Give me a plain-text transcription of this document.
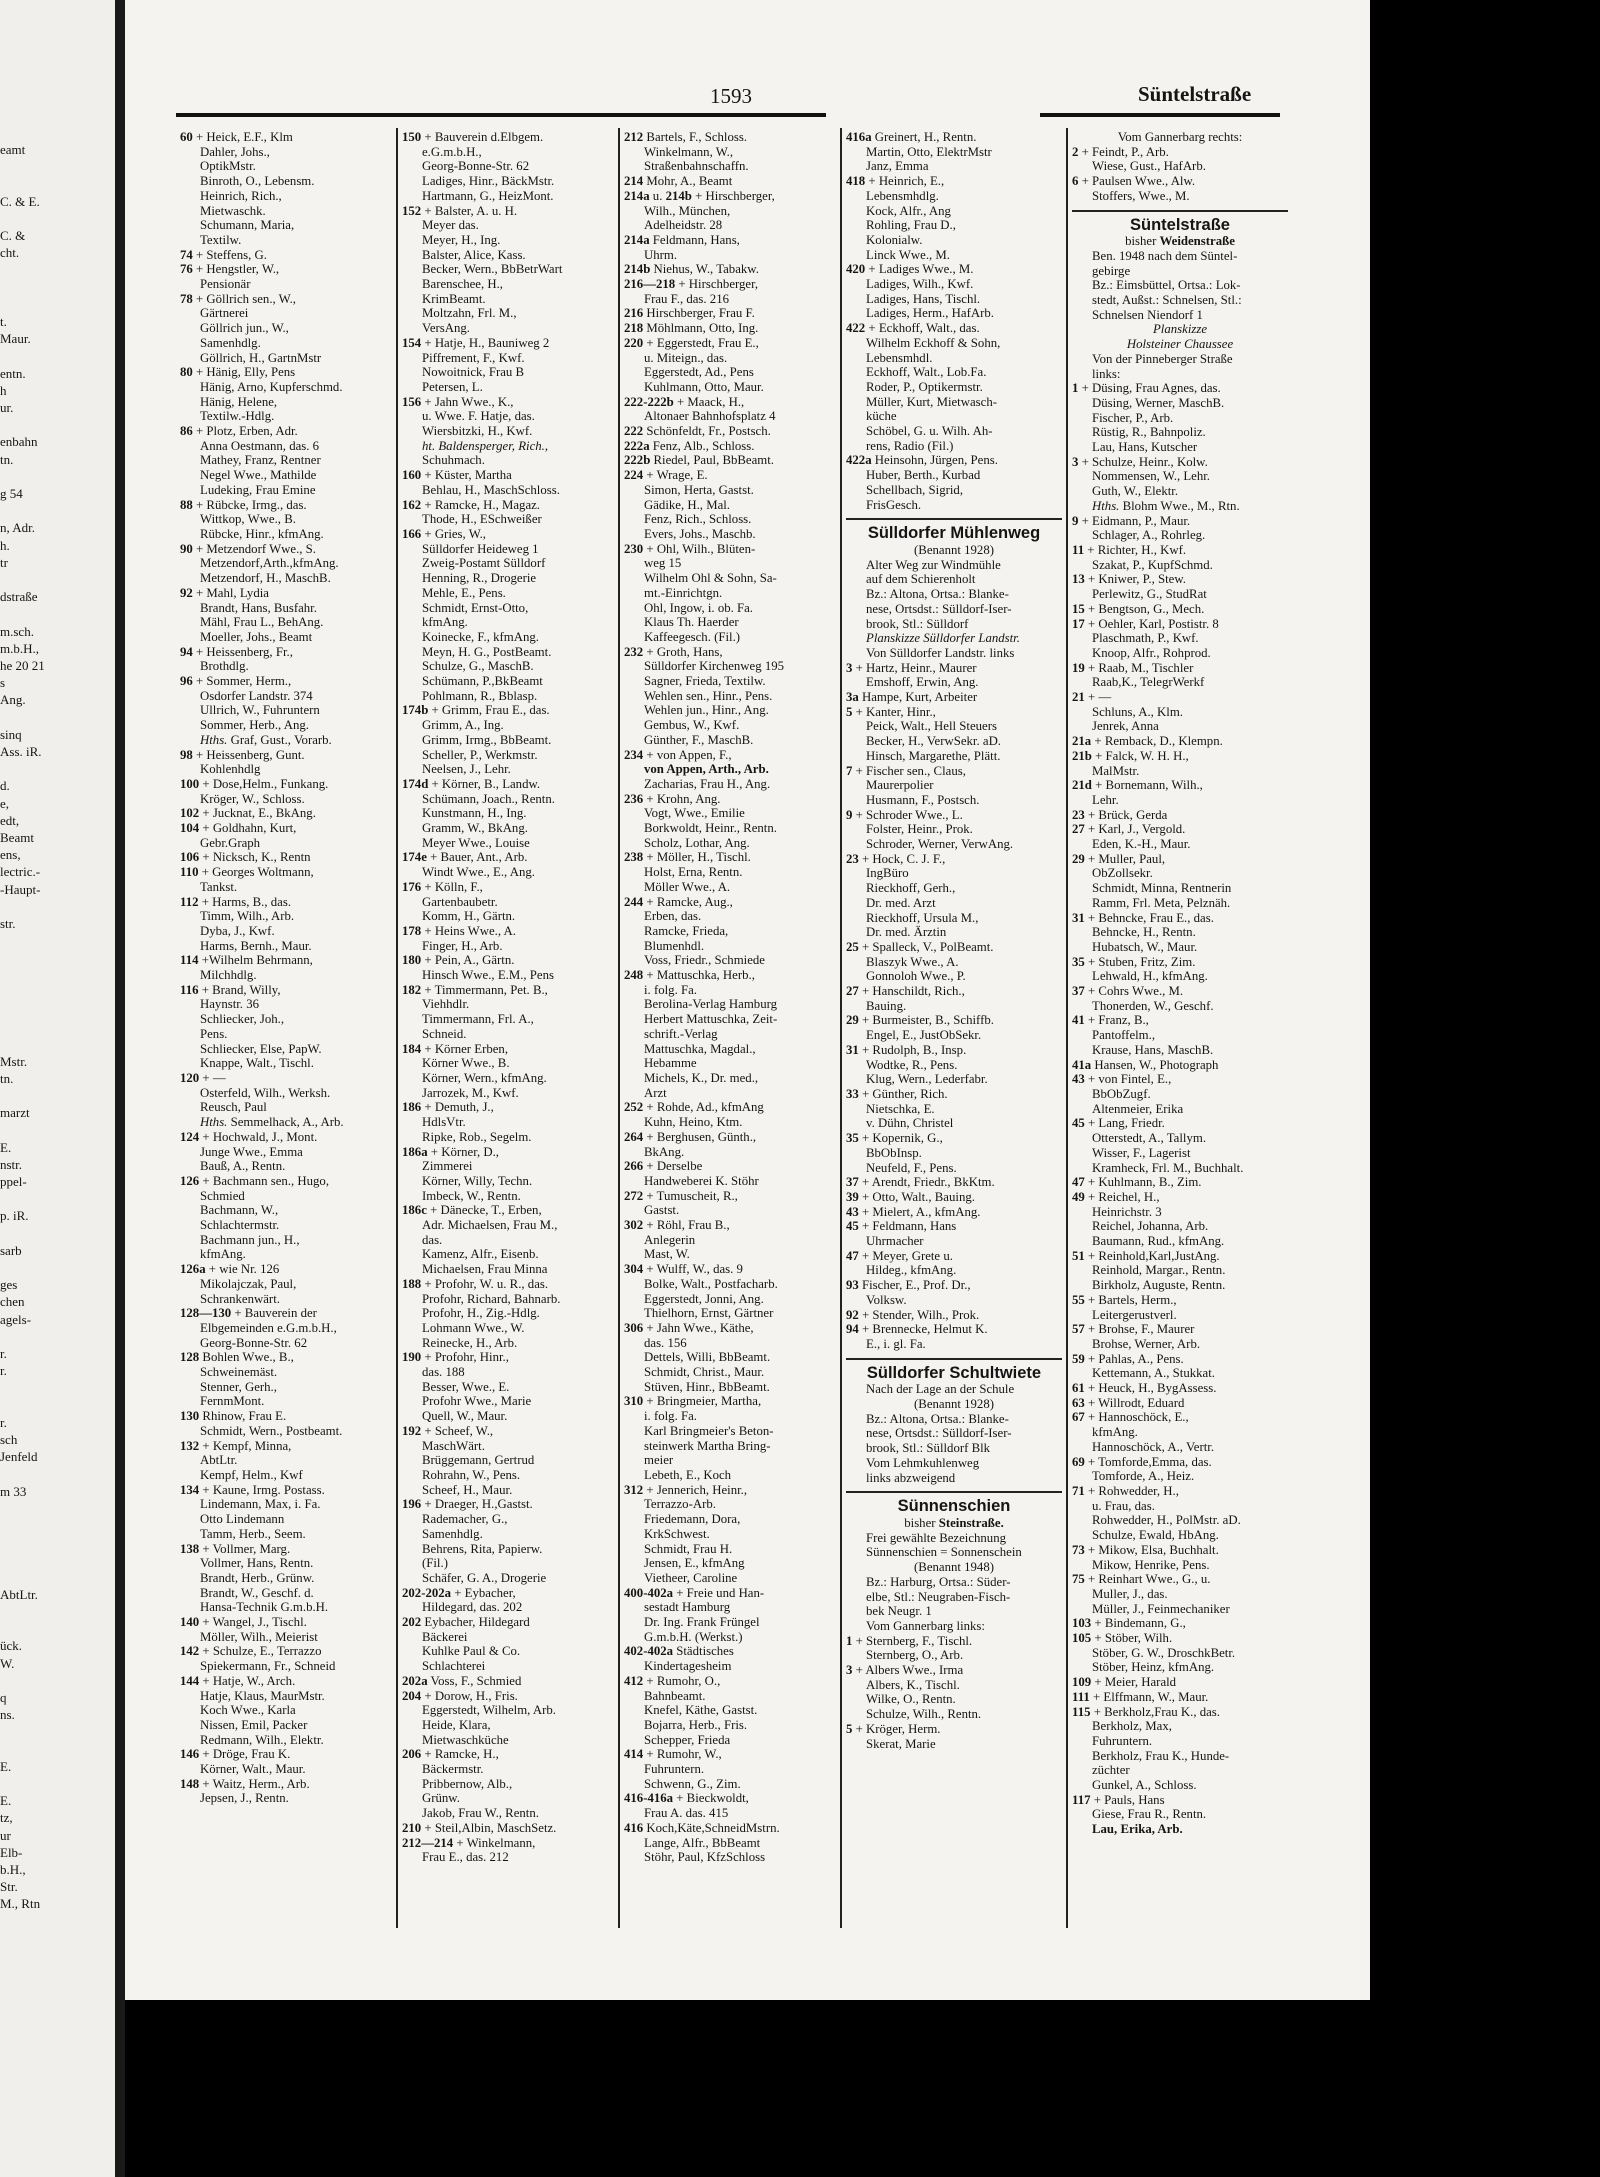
eamt
C. & E.
C. &
cht.
t.
Maur.
entn.
h
ur.
enbahn
tn.
g 54
n, Adr.
h.
tr
dstraße
m.sch.
m.b.H.,
he 20 21
s
Ang.
sinq
Ass. iR.
d.
e,
edt,
Beamt
ens,
lectric.-
-Haupt-
str.
Mstr.
tn.
marzt
E.
nstr.
ppel-
p. iR.
sarb
ges
chen
agels-
r.
r.
r.
sch
Jenfeld
m 33
AbtLtr.
ück.
W.
q
ns.
E.
E.
tz,
ur
Elb-
b.H.,
Str.
M., Rtn
1593	Süntelstraße
60 + Heick, E.F., Klm
Dahler, Johs.,
OptikMstr.
Binroth, O., Lebensm.
Heinrich, Rich.,
Mietwaschk.
Schumann, Maria,
Textilw.
74 + Steffens, G.
76 + Hengstler, W.,
Pensionär
78 + Göllrich sen., W.,
Gärtnerei
Göllrich jun., W.,
Samenhdlg.
Göllrich, H., GartnMstr
80 + Hänig, Elly, Pens
Hänig, Arno, Kupferschmd.
Hänig, Helene,
Textilw.-Hdlg.
86 + Plotz, Erben, Adr.
Anna Oestmann, das. 6
Mathey, Franz, Rentner
Negel Wwe., Mathilde
Ludeking, Frau Emine
88 + Rübcke, Irmg., das.
Wittkop, Wwe., B.
Rübcke, Hinr., kfmAng.
90 + Metzendorf Wwe., S.
Metzendorf,Arth.,kfmAng.
Metzendorf, H., MaschB.
92 + Mahl, Lydia
Brandt, Hans, Busfahr.
Mähl, Frau L., BehAng.
Moeller, Johs., Beamt
94 + Heissenberg, Fr.,
Brothdlg.
96 + Sommer, Herm.,
Osdorfer Landstr. 374
Ullrich, W., Fuhruntern
Sommer, Herb., Ang.
Hths. Graf, Gust., Vorarb.
98 + Heissenberg, Gunt.
Kohlenhdlg
100 + Dose,Helm., Funkang.
Kröger, W., Schloss.
102 + Jucknat, E., BkAng.
104 + Goldhahn, Kurt,
Gebr.Graph
106 + Nicksch, K., Rentn
110 + Georges Woltmann,
Tankst.
112 + Harms, B., das.
Timm, Wilh., Arb.
Dyba, J., Kwf.
Harms, Bernh., Maur.
114 +Wilhelm Behrmann,
Milchhdlg.
116 + Brand, Willy,
Haynstr. 36
Schliecker, Joh.,
Pens.
Schliecker, Else, PapW.
Knappe, Walt., Tischl.
120 + —
Osterfeld, Wilh., Werksh.
Reusch, Paul
Hths. Semmelhack, A., Arb.
124 + Hochwald, J., Mont.
Junge Wwe., Emma
Bauß, A., Rentn.
126 + Bachmann sen., Hugo,
Schmied
Bachmann, W.,
Schlachtermstr.
Bachmann jun., H.,
kfmAng.
126a + wie Nr. 126
Mikolajczak, Paul,
Schrankenwärt.
128—130 + Bauverein der
Elbgemeinden e.G.m.b.H.,
Georg-Bonne-Str. 62
128 Bohlen Wwe., B.,
Schweinemäst.
Stenner, Gerh.,
FernmMont.
130 Rhinow, Frau E.
Schmidt, Wern., Postbeamt.
132 + Kempf, Minna,
AbtLtr.
Kempf, Helm., Kwf
134 + Kaune, Irmg. Postass.
Lindemann, Max, i. Fa.
Otto Lindemann
Tamm, Herb., Seem.
138 + Vollmer, Marg.
Vollmer, Hans, Rentn.
Brandt, Herb., Grünw.
Brandt, W., Geschf. d.
Hansa-Technik G.m.b.H.
140 + Wangel, J., Tischl.
Möller, Wilh., Meierist
142 + Schulze, E., Terrazzo
Spiekermann, Fr., Schneid
144 + Hatje, W., Arch.
Hatje, Klaus, MaurMstr.
Koch Wwe., Karla
Nissen, Emil, Packer
Redmann, Wilh., Elektr.
146 + Dröge, Frau K.
Körner, Walt., Maur.
148 + Waitz, Herm., Arb.
Jepsen, J., Rentn.
150 + Bauverein d.Elbgem.
e.G.m.b.H.,
Georg-Bonne-Str. 62
Ladiges, Hinr., BäckMstr.
Hartmann, G., HeizMont.
152 + Balster, A. u. H.
Meyer das.
Meyer, H., Ing.
Balster, Alice, Kass.
Becker, Wern., BbBetrWart
Barenschee, H.,
KrimBeamt.
Moltzahn, Frl. M.,
VersAng.
154 + Hatje, H., Bauniweg 2
Piffrement, F., Kwf.
Nowoitnick, Frau B
Petersen, L.
156 + Jahn Wwe., K.,
u. Wwe. F. Hatje, das.
Wiersbitzki, H., Kwf.
ht. Baldensperger, Rich.,
Schuhmach.
160 + Küster, Martha
Behlau, H., MaschSchloss.
162 + Ramcke, H., Magaz.
Thode, H., ESchweißer
166 + Gries, W.,
Sülldorfer Heideweg 1
Zweig-Postamt Sülldorf
Henning, R., Drogerie
Mehle, E., Pens.
Schmidt, Ernst-Otto,
kfmAng.
Koinecke, F., kfmAng.
Meyn, H. G., PostBeamt.
Schulze, G., MaschB.
Schümann, P.,BkBeamt
Pohlmann, R., Bblasp.
174b + Grimm, Frau E., das.
Grimm, A., Ing.
Grimm, Irmg., BbBeamt.
Scheller, P., Werkmstr.
Neelsen, J., Lehr.
174d + Körner, B., Landw.
Schümann, Joach., Rentn.
Kunstmann, H., Ing.
Gramm, W., BkAng.
Meyer Wwe., Louise
174e + Bauer, Ant., Arb.
Windt Wwe., E., Ang.
176 + Kölln, F.,
Gartenbaubetr.
Komm, H., Gärtn.
178 + Heins Wwe., A.
Finger, H., Arb.
180 + Pein, A., Gärtn.
Hinsch Wwe., E.M., Pens
182 + Timmermann, Pet. B.,
Viehhdlr.
Timmermann, Frl. A.,
Schneid.
184 + Körner Erben,
Körner Wwe., B.
Körner, Wern., kfmAng.
Jarrozek, M., Kwf.
186 + Demuth, J.,
HdlsVtr.
Ripke, Rob., Segelm.
186a + Körner, D.,
Zimmerei
Körner, Willy, Techn.
Imbeck, W., Rentn.
186c + Dänecke, T., Erben,
Adr. Michaelsen, Frau M.,
das.
Kamenz, Alfr., Eisenb.
Michaelsen, Frau Minna
188 + Profohr, W. u. R., das.
Profohr, Richard, Bahnarb.
Profohr, H., Zig.-Hdlg.
Lohmann Wwe., W.
Reinecke, H., Arb.
190 + Profohr, Hinr.,
das. 188
Besser, Wwe., E.
Profohr Wwe., Marie
Quell, W., Maur.
192 + Scheef, W.,
MaschWärt.
Brüggemann, Gertrud
Rohrahn, W., Pens.
Scheef, H., Maur.
196 + Draeger, H.,Gastst.
Rademacher, G.,
Samenhdlg.
Behrens, Rita, Papierw.
(Fil.)
Schäfer, G. A., Drogerie
202-202a + Eybacher,
Hildegard, das. 202
202 Eybacher, Hildegard
Bäckerei
Kuhlke Paul & Co.
Schlachterei
202a Voss, F., Schmied
204 + Dorow, H., Fris.
Eggerstedt, Wilhelm, Arb.
Heide, Klara,
Mietwaschküche
206 + Ramcke, H.,
Bäckermstr.
Pribbernow, Alb.,
Grünw.
Jakob, Frau W., Rentn.
210 + Steil,Albin, MaschSetz.
212—214 + Winkelmann,
Frau E., das. 212
212 Bartels, F., Schloss.
Winkelmann, W.,
Straßenbahnschaffn.
214 Mohr, A., Beamt
214a u. 214b + Hirschberger,
Wilh., München,
Adelheidstr. 28
214a Feldmann, Hans,
Uhrm.
214b Niehus, W., Tabakw.
216—218 + Hirschberger,
Frau F., das. 216
216 Hirschberger, Frau F.
218 Möhlmann, Otto, Ing.
220 + Eggerstedt, Frau E.,
u. Miteign., das.
Eggerstedt, Ad., Pens
Kuhlmann, Otto, Maur.
222-222b + Maack, H.,
Altonaer Bahnhofsplatz 4
222 Schönfeldt, Fr., Postsch.
222a Fenz, Alb., Schloss.
222b Riedel, Paul, BbBeamt.
224 + Wrage, E.
Simon, Herta, Gastst.
Gädike, H., Mal.
Fenz, Rich., Schloss.
Evers, Johs., Maschb.
230 + Ohl, Wilh., Blüten-
weg 15
Wilhelm Ohl & Sohn, Sa-
mt.-Einrichtgn.
Ohl, Ingow, i. ob. Fa.
Klaus Th. Haerder
Kaffeegesch. (Fil.)
232 + Groth, Hans,
Sülldorfer Kirchenweg 195
Sagner, Frieda, Textilw.
Wehlen sen., Hinr., Pens.
Wehlen jun., Hinr., Ang.
Gembus, W., Kwf.
Günther, F., MaschB.
234 + von Appen, F.,
von Appen, Arth., Arb.
Zacharias, Frau H., Ang.
236 + Krohn, Ang.
Vogt, Wwe., Emilie
Borkwoldt, Heinr., Rentn.
Scholz, Lothar, Ang.
238 + Möller, H., Tischl.
Holst, Erna, Rentn.
Möller Wwe., A.
244 + Ramcke, Aug.,
Erben, das.
Ramcke, Frieda,
Blumenhdl.
Voss, Friedr., Schmiede
248 + Mattuschka, Herb.,
i. folg. Fa.
Berolina-Verlag Hamburg
Herbert Mattuschka, Zeit-
schrift.-Verlag
Mattuschka, Magdal.,
Hebamme
Michels, K., Dr. med.,
Arzt
252 + Rohde, Ad., kfmAng
Kuhn, Heino, Ktm.
264 + Berghusen, Günth.,
BkAng.
266 + Derselbe
Handweberei K. Stöhr
272 + Tumuscheit, R.,
Gastst.
302 + Röhl, Frau B.,
Anlegerin
Mast, W.
304 + Wulff, W., das. 9
Bolke, Walt., Postfacharb.
Eggerstedt, Jonni, Ang.
Thielhorn, Ernst, Gärtner
306 + Jahn Wwe., Käthe,
das. 156
Dettels, Willi, BbBeamt.
Schmidt, Christ., Maur.
Stüven, Hinr., BbBeamt.
310 + Bringmeier, Martha,
i. folg. Fa.
Karl Bringmeier's Beton-
steinwerk Martha Bring-
meier
Lebeth, E., Koch
312 + Jennerich, Heinr.,
Terrazzo-Arb.
Friedemann, Dora,
KrkSchwest.
Schmidt, Frau H.
Jensen, E., kfmAng
Vietheer, Caroline
400-402a + Freie und Han-
sestadt Hamburg
Dr. Ing. Frank Früngel
G.m.b.H. (Werkst.)
402-402a Städtisches
Kindertagesheim
412 + Rumohr, O.,
Bahnbeamt.
Knefel, Käthe, Gastst.
Bojarra, Herb., Fris.
Schepper, Frieda
414 + Rumohr, W.,
Fuhruntern.
Schwenn, G., Zim.
416-416a + Bieckwoldt,
Frau A. das. 415
416 Koch,Käte,SchneidMstrn.
Lange, Alfr., BbBeamt
Stöhr, Paul, KfzSchloss
416a Greinert, H., Rentn.
Martin, Otto, ElektrMstr
Janz, Emma
418 + Heinrich, E.,
Lebensmhdlg.
Kock, Alfr., Ang
Rohling, Frau D.,
Kolonialw.
Linck Wwe., M.
420 + Ladiges Wwe., M.
Ladiges, Wilh., Kwf.
Ladiges, Hans, Tischl.
Ladiges, Herm., HafArb.
422 + Eckhoff, Walt., das.
Wilhelm Eckhoff & Sohn,
Lebensmhdl.
Eckhoff, Walt., Lob.Fa.
Roder, P., Optikermstr.
Müller, Kurt, Mietwasch-
küche
Schöbel, G. u. Wilh. Ah-
rens, Radio (Fil.)
422a Heinsohn, Jürgen, Pens.
Huber, Berth., Kurbad
Schellbach, Sigrid,
FrisGesch.
Sülldorfer Mühlenweg
(Benannt 1928)
Alter Weg zur Windmühle
auf dem Schierenholt
Bz.: Altona, Ortsa.: Blanke-
nese, Ortsdst.: Sülldorf-Iser-
brook, Stl.: Sülldorf
Planskizze Sülldorfer Landstr.
Von Sülldorfer Landstr. links
3 + Hartz, Heinr., Maurer
Emshoff, Erwin, Ang.
3a Hampe, Kurt, Arbeiter
5 + Kanter, Hinr.,
Peick, Walt., Hell Steuers
Becker, H., VerwSekr. aD.
Hinsch, Margarethe, Plätt.
7 + Fischer sen., Claus,
Maurerpolier
Husmann, F., Postsch.
9 + Schroder Wwe., L.
Folster, Heinr., Prok.
Schroder, Werner, VerwAng.
23 + Hock, C. J. F.,
IngBüro
Rieckhoff, Gerh.,
Dr. med. Arzt
Rieckhoff, Ursula M.,
Dr. med. Ärztin
25 + Spalleck, V., PolBeamt.
Blaszyk Wwe., A.
Gonnoloh Wwe., P.
27 + Hanschildt, Rich.,
Bauing.
29 + Burmeister, B., Schiffb.
Engel, E., JustObSekr.
31 + Rudolph, B., Insp.
Wodtke, R., Pens.
Klug, Wern., Lederfabr.
33 + Günther, Rich.
Nietschka, E.
v. Dühn, Christel
35 + Kopernik, G.,
BbObInsp.
Neufeld, F., Pens.
37 + Arendt, Friedr., BkKtm.
39 + Otto, Walt., Bauing.
43 + Mielert, A., kfmAng.
45 + Feldmann, Hans
Uhrmacher
47 + Meyer, Grete u.
Hildeg., kfmAng.
93 Fischer, E., Prof. Dr.,
Volksw.
92 + Stender, Wilh., Prok.
94 + Brennecke, Helmut K.
E., i. gl. Fa.
Sülldorfer Schultwiete
Nach der Lage an der Schule
(Benannt 1928)
Bz.: Altona, Ortsa.: Blanke-
nese, Ortsdst.: Sülldorf-Iser-
brook, Stl.: Sülldorf Blk
Vom Lehmkuhlenweg
links abzweigend
Sünnenschien
bisher Steinstraße.
Frei gewählte Bezeichnung
Sünnenschien = Sonnenschein
(Benannt 1948)
Bz.: Harburg, Ortsa.: Süder-
elbe, Stl.: Neugraben-Fisch-
bek Neugr. 1
Vom Gannerbarg links:
1 + Sternberg, F., Tischl.
Sternberg, O., Arb.
3 + Albers Wwe., Irma
Albers, K., Tischl.
Wilke, O., Rentn.
Schulze, Wilh., Rentn.
5 + Kröger, Herm.
Skerat, Marie
Vom Gannerbarg rechts:
2 + Feindt, P., Arb.
Wiese, Gust., HafArb.
6 + Paulsen Wwe., Alw.
Stoffers, Wwe., M.
Süntelstraße
bisher Weidenstraße
Ben. 1948 nach dem Süntel-
gebirge
Bz.: Eimsbüttel, Ortsa.: Lok-
stedt, Außst.: Schnelsen, Stl.:
Schnelsen Niendorf 1
Planskizze
Holsteiner Chaussee
Von der Pinneberger Straße
links:
1 + Düsing, Frau Agnes, das.
Düsing, Werner, MaschB.
Fischer, P., Arb.
Rüstig, R., Bahnpoliz.
Lau, Hans, Kutscher
3 + Schulze, Heinr., Kolw.
Nommensen, W., Lehr.
Guth, W., Elektr.
Hths. Blohm Wwe., M., Rtn.
9 + Eidmann, P., Maur.
Schlager, A., Rohrleg.
11 + Richter, H., Kwf.
Szakat, P., KupfSchmd.
13 + Kniwer, P., Stew.
Perlewitz, G., StudRat
15 + Bengtson, G., Mech.
17 + Oehler, Karl, Postistr. 8
Plaschmath, P., Kwf.
Knoop, Alfr., Rohprod.
19 + Raab, M., Tischler
Raab,K., TelegrWerkf
21 + —
Schluns, A., Klm.
Jenrek, Anna
21a + Remback, D., Klempn.
21b + Falck, W. H. H.,
MalMstr.
21d + Bornemann, Wilh.,
Lehr.
23 + Brück, Gerda
27 + Karl, J., Vergold.
Eden, K.-H., Maur.
29 + Muller, Paul,
ObZollsekr.
Schmidt, Minna, Rentnerin
Ramm, Frl. Meta, Pelznäh.
31 + Behncke, Frau E., das.
Behncke, H., Rentn.
Hubatsch, W., Maur.
35 + Stuben, Fritz, Zim.
Lehwald, H., kfmAng.
37 + Cohrs Wwe., M.
Thonerden, W., Geschf.
41 + Franz, B.,
Pantoffelm.,
Krause, Hans, MaschB.
41a Hansen, W., Photograph
43 + von Fintel, E.,
BbObZugf.
Altenmeier, Erika
45 + Lang, Friedr.
Otterstedt, A., Tallym.
Wisser, F., Lagerist
Kramheck, Frl. M., Buchhalt.
47 + Kuhlmann, B., Zim.
49 + Reichel, H.,
Heinrichstr. 3
Reichel, Johanna, Arb.
Baumann, Rud., kfmAng.
51 + Reinhold,Karl,JustAng.
Reinhold, Margar., Rentn.
Birkholz, Auguste, Rentn.
55 + Bartels, Herm.,
Leitergerustverl.
57 + Brohse, F., Maurer
Brohse, Werner, Arb.
59 + Pahlas, A., Pens.
Kettemann, A., Stukkat.
61 + Heuck, H., BygAssess.
63 + Willrodt, Eduard
67 + Hannoschöck, E.,
kfmAng.
Hannoschöck, A., Vertr.
69 + Tomforde,Emma, das.
Tomforde, A., Heiz.
71 + Rohwedder, H.,
u. Frau, das.
Rohwedder, H., PolMstr. aD.
Schulze, Ewald, HbAng.
73 + Mikow, Elsa, Buchhalt.
Mikow, Henrike, Pens.
75 + Reinhart Wwe., G., u.
Muller, J., das.
Müller, J., Feinmechaniker
103 + Bindemann, G.,
105 + Stöber, Wilh.
Stöber, G. W., DroschkBetr.
Stöber, Heinz, kfmAng.
109 + Meier, Harald
111 + Elffmann, W., Maur.
115 + Berkholz,Frau K., das.
Berkholz, Max,
Fuhruntern.
Berkholz, Frau K., Hunde-
züchter
Gunkel, A., Schloss.
117 + Pauls, Hans
Giese, Frau R., Rentn.
Lau, Erika, Arb.
